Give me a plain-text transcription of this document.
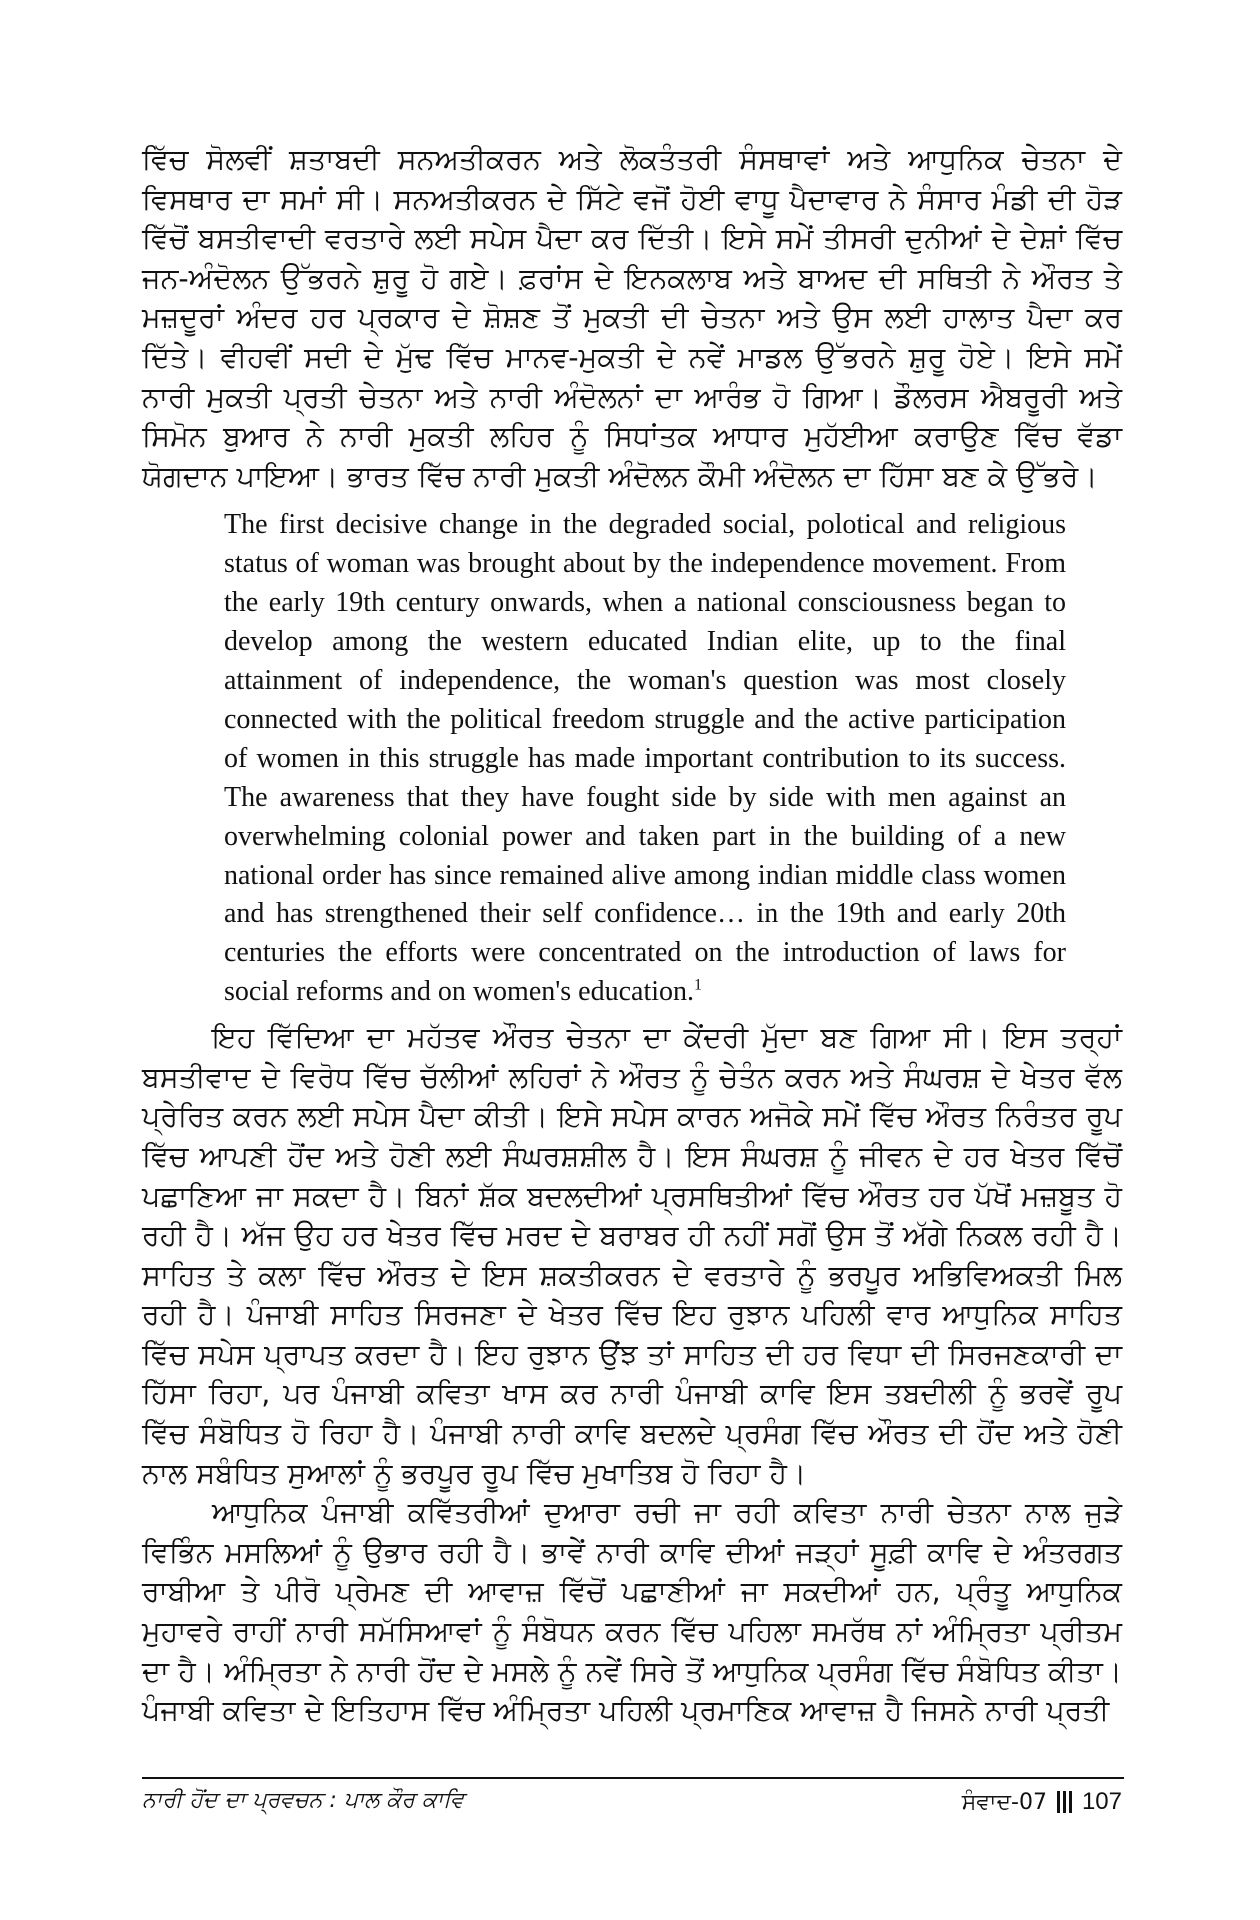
ਵਿੱਚ ਸੋਲਵੀਂ ਸ਼ਤਾਬਦੀ ਸਨਅਤੀਕਰਨ ਅਤੇ ਲੋਕਤੰਤਰੀ ਸੰਸਥਾਵਾਂ ਅਤੇ ਆਧੁਨਿਕ ਚੇਤਨਾ ਦੇ ਵਿਸਥਾਰ ਦਾ ਸਮਾਂ ਸੀ। ਸਨਅਤੀਕਰਨ ਦੇ ਸਿੱਟੇ ਵਜੋਂ ਹੋਈ ਵਾਧੂ ਪੈਦਾਵਾਰ ਨੇ ਸੰਸਾਰ ਮੰਡੀ ਦੀ ਹੋੜ ਵਿੱਚੋਂ ਬਸਤੀਵਾਦੀ ਵਰਤਾਰੇ ਲਈ ਸਪੇਸ ਪੈਦਾ ਕਰ ਦਿੱਤੀ। ਇਸੇ ਸਮੇਂ ਤੀਸਰੀ ਦੁਨੀਆਂ ਦੇ ਦੇਸ਼ਾਂ ਵਿੱਚ ਜਨ-ਅੰਦੋਲਨ ਉੱਭਰਨੇ ਸ਼ੁਰੂ ਹੋ ਗਏ। ਫ਼ਰਾਂਸ ਦੇ ਇਨਕਲਾਬ ਅਤੇ ਬਾਅਦ ਦੀ ਸਥਿਤੀ ਨੇ ਔਰਤ ਤੇ ਮਜ਼ਦੂਰਾਂ ਅੰਦਰ ਹਰ ਪ੍ਰਕਾਰ ਦੇ ਸ਼ੋਸ਼ਣ ਤੋਂ ਮੁਕਤੀ ਦੀ ਚੇਤਨਾ ਅਤੇ ਉਸ ਲਈ ਹਾਲਾਤ ਪੈਦਾ ਕਰ ਦਿੱਤੇ। ਵੀਹਵੀਂ ਸਦੀ ਦੇ ਮੁੱਢ ਵਿੱਚ ਮਾਨਵ-ਮੁਕਤੀ ਦੇ ਨਵੇਂ ਮਾਡਲ ਉੱਭਰਨੇ ਸ਼ੁਰੂ ਹੋਏ। ਇਸੇ ਸਮੇਂ ਨਾਰੀ ਮੁਕਤੀ ਪ੍ਰਤੀ ਚੇਤਨਾ ਅਤੇ ਨਾਰੀ ਅੰਦੋਲਨਾਂ ਦਾ ਆਰੰਭ ਹੋ ਗਿਆ। ਡੌਲਰਸ ਐਬਰੂਰੀ ਅਤੇ ਸਿਮੋਨ ਬੁਆਰ ਨੇ ਨਾਰੀ ਮੁਕਤੀ ਲਹਿਰ ਨੂੰ ਸਿਧਾਂਤਕ ਆਧਾਰ ਮੁਹੱਈਆ ਕਰਾਉਣ ਵਿੱਚ ਵੱਡਾ ਯੋਗਦਾਨ ਪਾਇਆ। ਭਾਰਤ ਵਿੱਚ ਨਾਰੀ ਮੁਕਤੀ ਅੰਦੋਲਨ ਕੌਮੀ ਅੰਦੋਲਨ ਦਾ ਹਿੱਸਾ ਬਣ ਕੇ ਉੱਭਰੇ।

The first decisive change in the degraded social, polotical and religious status of woman was brought about by the independence movement. From the early 19th century onwards, when a national consciousness began to develop among the western educated Indian elite, up to the final attainment of independence, the woman's question was most closely connected with the political freedom struggle and the active participation of women in this struggle has made important contribution to its success. The awareness that they have fought side by side with men against an overwhelming colonial power and taken part in the building of a new national order has since remained alive among indian middle class women and has strengthened their self confidence… in the 19th and early 20th centuries the efforts were concentrated on the introduction of laws for social reforms and on women's education.$^1$

ਇਹ ਵਿੱਦਿਆ ਦਾ ਮਹੱਤਵ ਔਰਤ ਚੇਤਨਾ ਦਾ ਕੇਂਦਰੀ ਮੁੱਦਾ ਬਣ ਗਿਆ ਸੀ। ਇਸ ਤਰ੍ਹਾਂ ਬਸਤੀਵਾਦ ਦੇ ਵਿਰੋਧ ਵਿੱਚ ਚੱਲੀਆਂ ਲਹਿਰਾਂ ਨੇ ਔਰਤ ਨੂੰ ਚੇਤੰਨ ਕਰਨ ਅਤੇ ਸੰਘਰਸ਼ ਦੇ ਖੇਤਰ ਵੱਲ ਪ੍ਰੇਰਿਤ ਕਰਨ ਲਈ ਸਪੇਸ ਪੈਦਾ ਕੀਤੀ। ਇਸੇ ਸਪੇਸ ਕਾਰਨ ਅਜੋਕੇ ਸਮੇਂ ਵਿੱਚ ਔਰਤ ਨਿਰੰਤਰ ਰੂਪ ਵਿੱਚ ਆਪਣੀ ਹੋਂਦ ਅਤੇ ਹੋਣੀ ਲਈ ਸੰਘਰਸ਼ਸ਼ੀਲ ਹੈ। ਇਸ ਸੰਘਰਸ਼ ਨੂੰ ਜੀਵਨ ਦੇ ਹਰ ਖੇਤਰ ਵਿੱਚੋਂ ਪਛਾਣਿਆ ਜਾ ਸਕਦਾ ਹੈ। ਬਿਨਾਂ ਸ਼ੱਕ ਬਦਲਦੀਆਂ ਪ੍ਰਸਥਿਤੀਆਂ ਵਿੱਚ ਔਰਤ ਹਰ ਪੱਖੋਂ ਮਜ਼ਬੂਤ ਹੋ ਰਹੀ ਹੈ। ਅੱਜ ਉਹ ਹਰ ਖੇਤਰ ਵਿੱਚ ਮਰਦ ਦੇ ਬਰਾਬਰ ਹੀ ਨਹੀਂ ਸਗੋਂ ਉਸ ਤੋਂ ਅੱਗੇ ਨਿਕਲ ਰਹੀ ਹੈ। ਸਾਹਿਤ ਤੇ ਕਲਾ ਵਿੱਚ ਔਰਤ ਦੇ ਇਸ ਸ਼ਕਤੀਕਰਨ ਦੇ ਵਰਤਾਰੇ ਨੂੰ ਭਰਪੂਰ ਅਭਿਵਿਅਕਤੀ ਮਿਲ ਰਹੀ ਹੈ। ਪੰਜਾਬੀ ਸਾਹਿਤ ਸਿਰਜਣਾ ਦੇ ਖੇਤਰ ਵਿੱਚ ਇਹ ਰੁਝਾਨ ਪਹਿਲੀ ਵਾਰ ਆਧੁਨਿਕ ਸਾਹਿਤ ਵਿੱਚ ਸਪੇਸ ਪ੍ਰਾਪਤ ਕਰਦਾ ਹੈ। ਇਹ ਰੁਝਾਨ ਉਂਝ ਤਾਂ ਸਾਹਿਤ ਦੀ ਹਰ ਵਿਧਾ ਦੀ ਸਿਰਜਣਕਾਰੀ ਦਾ ਹਿੱਸਾ ਰਿਹਾ, ਪਰ ਪੰਜਾਬੀ ਕਵਿਤਾ ਖਾਸ ਕਰ ਨਾਰੀ ਪੰਜਾਬੀ ਕਾਵਿ ਇਸ ਤਬਦੀਲੀ ਨੂੰ ਭਰਵੇਂ ਰੂਪ ਵਿੱਚ ਸੰਬੋਧਿਤ ਹੋ ਰਿਹਾ ਹੈ। ਪੰਜਾਬੀ ਨਾਰੀ ਕਾਵਿ ਬਦਲਦੇ ਪ੍ਰਸੰਗ ਵਿੱਚ ਔਰਤ ਦੀ ਹੋਂਦ ਅਤੇ ਹੋਣੀ ਨਾਲ ਸਬੰਧਿਤ ਸੁਆਲਾਂ ਨੂੰ ਭਰਪੂਰ ਰੂਪ ਵਿੱਚ ਮੁਖਾਤਿਬ ਹੋ ਰਿਹਾ ਹੈ।

ਆਧੁਨਿਕ ਪੰਜਾਬੀ ਕਵਿੱਤਰੀਆਂ ਦੁਆਰਾ ਰਚੀ ਜਾ ਰਹੀ ਕਵਿਤਾ ਨਾਰੀ ਚੇਤਨਾ ਨਾਲ ਜੁੜੇ ਵਿਭਿੰਨ ਮਸਲਿਆਂ ਨੂੰ ਉਭਾਰ ਰਹੀ ਹੈ। ਭਾਵੇਂ ਨਾਰੀ ਕਾਵਿ ਦੀਆਂ ਜੜ੍ਹਾਂ ਸੂਫ਼ੀ ਕਾਵਿ ਦੇ ਅੰਤਰਗਤ ਰਾਬੀਆ ਤੇ ਪੀਰੋ ਪ੍ਰੇਮਣ ਦੀ ਆਵਾਜ਼ ਵਿੱਚੋਂ ਪਛਾਣੀਆਂ ਜਾ ਸਕਦੀਆਂ ਹਨ, ਪ੍ਰੰਤੂ ਆਧੁਨਿਕ ਮੁਹਾਵਰੇ ਰਾਹੀਂ ਨਾਰੀ ਸਮੱਸਿਆਵਾਂ ਨੂੰ ਸੰਬੋਧਨ ਕਰਨ ਵਿੱਚ ਪਹਿਲਾ ਸਮਰੱਥ ਨਾਂ ਅੰਮ੍ਰਿਤਾ ਪ੍ਰੀਤਮ ਦਾ ਹੈ। ਅੰਮ੍ਰਿਤਾ ਨੇ ਨਾਰੀ ਹੋਂਦ ਦੇ ਮਸਲੇ ਨੂੰ ਨਵੇਂ ਸਿਰੇ ਤੋਂ ਆਧੁਨਿਕ ਪ੍ਰਸੰਗ ਵਿੱਚ ਸੰਬੋਧਿਤ ਕੀਤਾ। ਪੰਜਾਬੀ ਕਵਿਤਾ ਦੇ ਇਤਿਹਾਸ ਵਿੱਚ ਅੰਮ੍ਰਿਤਾ ਪਹਿਲੀ ਪ੍ਰਮਾਣਿਕ ਆਵਾਜ਼ ਹੈ ਜਿਸਨੇ ਨਾਰੀ ਪ੍ਰਤੀ

ਨਾਰੀ ਹੋਂਦ ਦਾ ਪ੍ਰਵਚਨ : ਪਾਲ ਕੌਰ ਕਾਵਿ	ਸੰਵਾਦ-07 107
